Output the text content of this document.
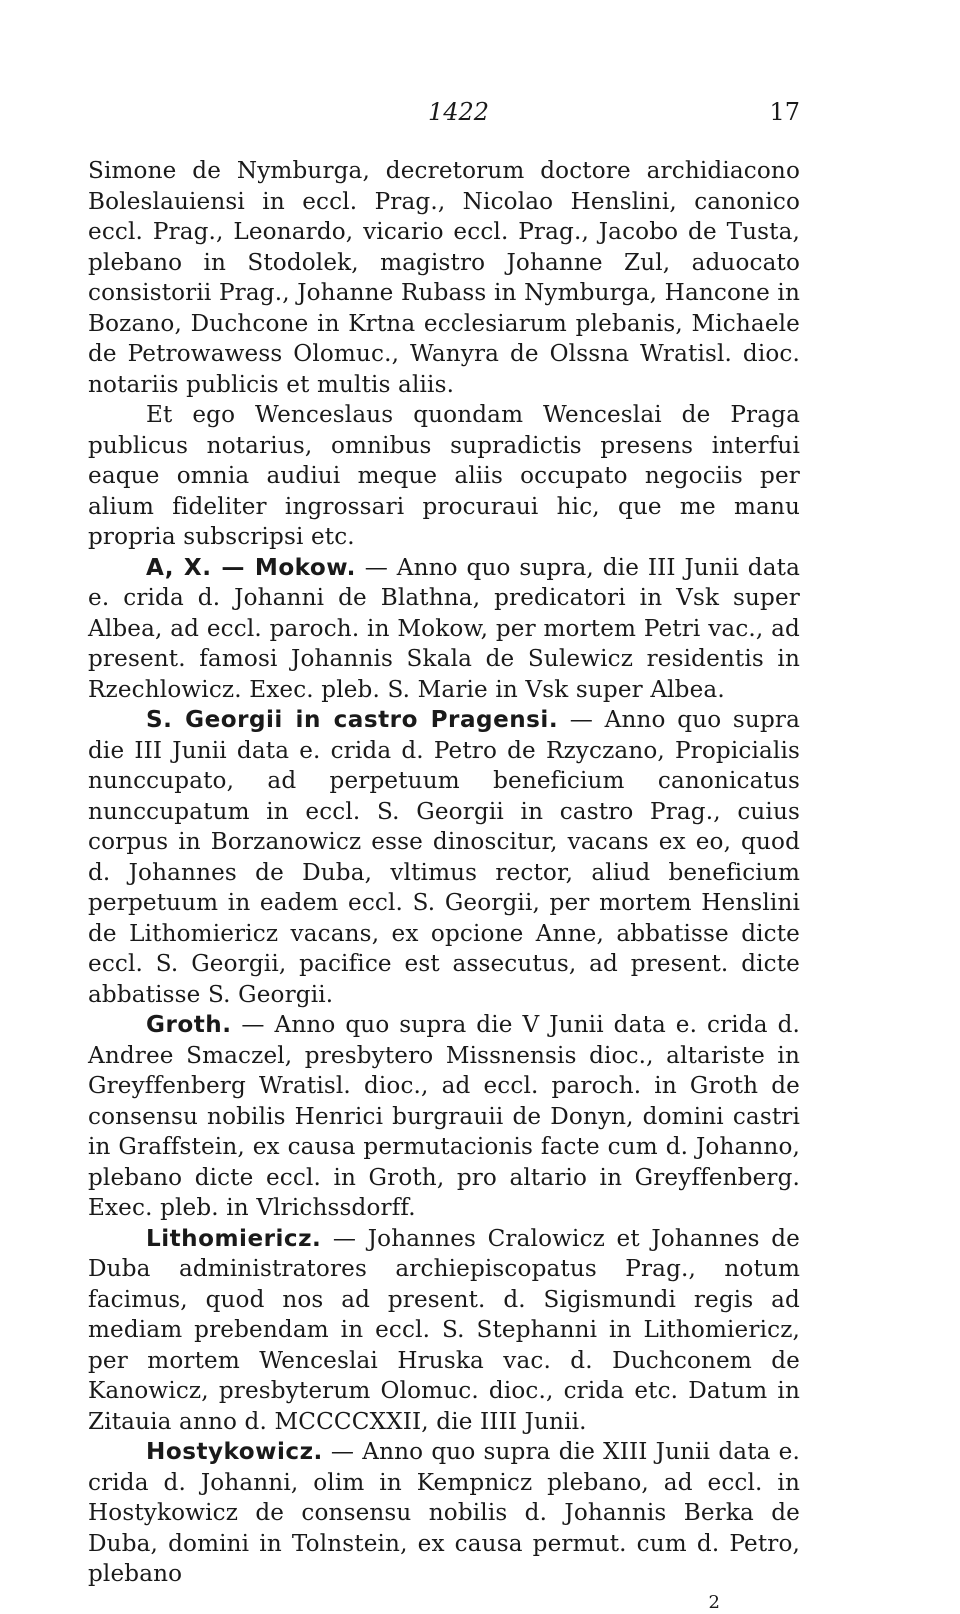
1422	17

Simone de Nymburga, decretorum doctore archidiacono Boleslauiensi in eccl. Prag., Nicolao Henslini, canonico eccl. Prag., Leonardo, vicario eccl. Prag., Jacobo de Tusta, plebano in Stodolek, magistro Johanne Zul, aduocato consistorii Prag., Johanne Rubass in Nymburga, Hancone in Bozano, Duchcone in Krtna ecclesiarum plebanis, Michaele de Petrowawess Olomuc., Wanyra de Olssna Wratisl. dioc. notariis publicis et multis aliis.

Et ego Wenceslaus quondam Wenceslai de Praga publicus notarius, omnibus supradictis presens interfui eaque omnia audiui meque aliis occupato negociis per alium fideliter ingrossari procuraui hic, que me manu propria subscripsi etc.

A, X. — Mokow. — Anno quo supra, die III Junii data e. crida d. Johanni de Blathna, predicatori in Vsk super Albea, ad eccl. paroch. in Mokow, per mortem Petri vac., ad present. famosi Johannis Skala de Sulewicz residentis in Rzechlowicz. Exec. pleb. S. Marie in Vsk super Albea.

S. Georgii in castro Pragensi. — Anno quo supra die III Junii data e. crida d. Petro de Rzyczano, Propicialis nunccupato, ad perpetuum beneficium canonicatus nunccupatum in eccl. S. Georgii in castro Prag., cuius corpus in Borzanowicz esse dinoscitur, vacans ex eo, quod d. Johannes de Duba, vltimus rector, aliud beneficium perpetuum in eadem eccl. S. Georgii, per mortem Henslini de Lithomiericz vacans, ex opcione Anne, abbatisse dicte eccl. S. Georgii, pacifice est assecutus, ad present. dicte abbatisse S. Georgii.

Groth. — Anno quo supra die V Junii data e. crida d. Andree Smaczel, presbytero Missnensis dioc., altariste in Greyffenberg Wratisl. dioc., ad eccl. paroch. in Groth de consensu nobilis Henrici burgrauii de Donyn, domini castri in Graffstein, ex causa permutacionis facte cum d. Johanno, plebano dicte eccl. in Groth, pro altario in Greyffenberg. Exec. pleb. in Vlrichssdorff.

Lithomiericz. — Johannes Cralowicz et Johannes de Duba administratores archiepiscopatus Prag., notum facimus, quod nos ad present. d. Sigismundi regis ad mediam prebendam in eccl. S. Stephanni in Lithomiericz, per mortem Wenceslai Hruska vac. d. Duchconem de Kanowicz, presbyterum Olomuc. dioc., crida etc. Datum in Zitauia anno d. MCCCCXXII, die IIII Junii.

Hostykowicz. — Anno quo supra die XIII Junii data e. crida d. Johanni, olim in Kempnicz plebano, ad eccl. in Hostykowicz de consensu nobilis d. Johannis Berka de Duba, domini in Tolnstein, ex causa permut. cum d. Petro, plebano

2
